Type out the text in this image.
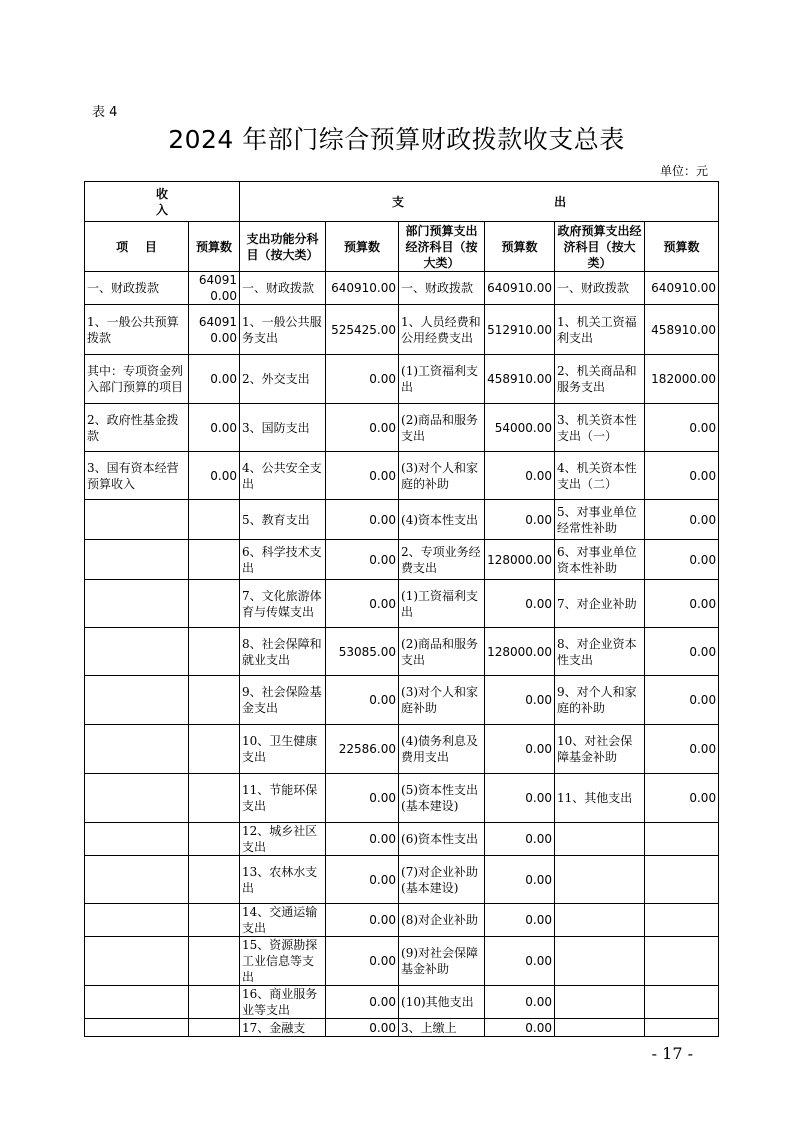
表 4
2024 年部门综合预算财政拨款收支总表
单位：元
收
入		支 出					

项    目	预算数	支出功能分科目（按大类）	预算数	部门预算支出经济科目（按大类）	预算数	政府预算支出经济科目（按大类）	预算数
一、财政拨款	640910.00	一、财政拨款	640910.00	一、财政拨款	640910.00	一、财政拨款	640910.00
1、一般公共预算拨款	640910.00	1、一般公共服务支出	525425.00	1、人员经费和公用经费支出	512910.00	1、机关工资福利支出	458910.00
其中：专项资金列入部门预算的项目	0.00	2、外交支出	0.00	(1)工资福利支出	458910.00	2、机关商品和服务支出	182000.00
2、政府性基金拨款	0.00	3、国防支出	0.00	(2)商品和服务支出	54000.00	3、机关资本性支出（一）	0.00
3、国有资本经营预算收入	0.00	4、公共安全支出	0.00	(3)对个人和家庭的补助	0.00	4、机关资本性支出（二）	0.00
		5、教育支出	0.00	(4)资本性支出	0.00	5、对事业单位经常性补助	0.00
		6、科学技术支出	0.00	2、专项业务经费支出	128000.00	6、对事业单位资本性补助	0.00
		7、文化旅游体育与传媒支出	0.00	(1)工资福利支出	0.00	7、对企业补助	0.00
		8、社会保障和就业支出	53085.00	(2)商品和服务支出	128000.00	8、对企业资本性支出	0.00
		9、社会保险基金支出	0.00	(3)对个人和家庭补助	0.00	9、对个人和家庭的补助	0.00
		10、卫生健康支出	22586.00	(4)债务利息及费用支出	0.00	10、对社会保障基金补助	0.00
		11、节能环保支出	0.00	(5)资本性支出(基本建设)	0.00	11、其他支出	0.00
		12、城乡社区支出	0.00	(6)资本性支出	0.00		
		13、农林水支出	0.00	(7)对企业补助(基本建设)	0.00		
		14、交通运输支出	0.00	(8)对企业补助	0.00		
		15、资源勘探工业信息等支出	0.00	(9)对社会保障基金补助	0.00		
		16、商业服务业等支出	0.00	(10)其他支出	0.00		
		17、金融支	0.00	3、上缴上	0.00		
- 17 -
